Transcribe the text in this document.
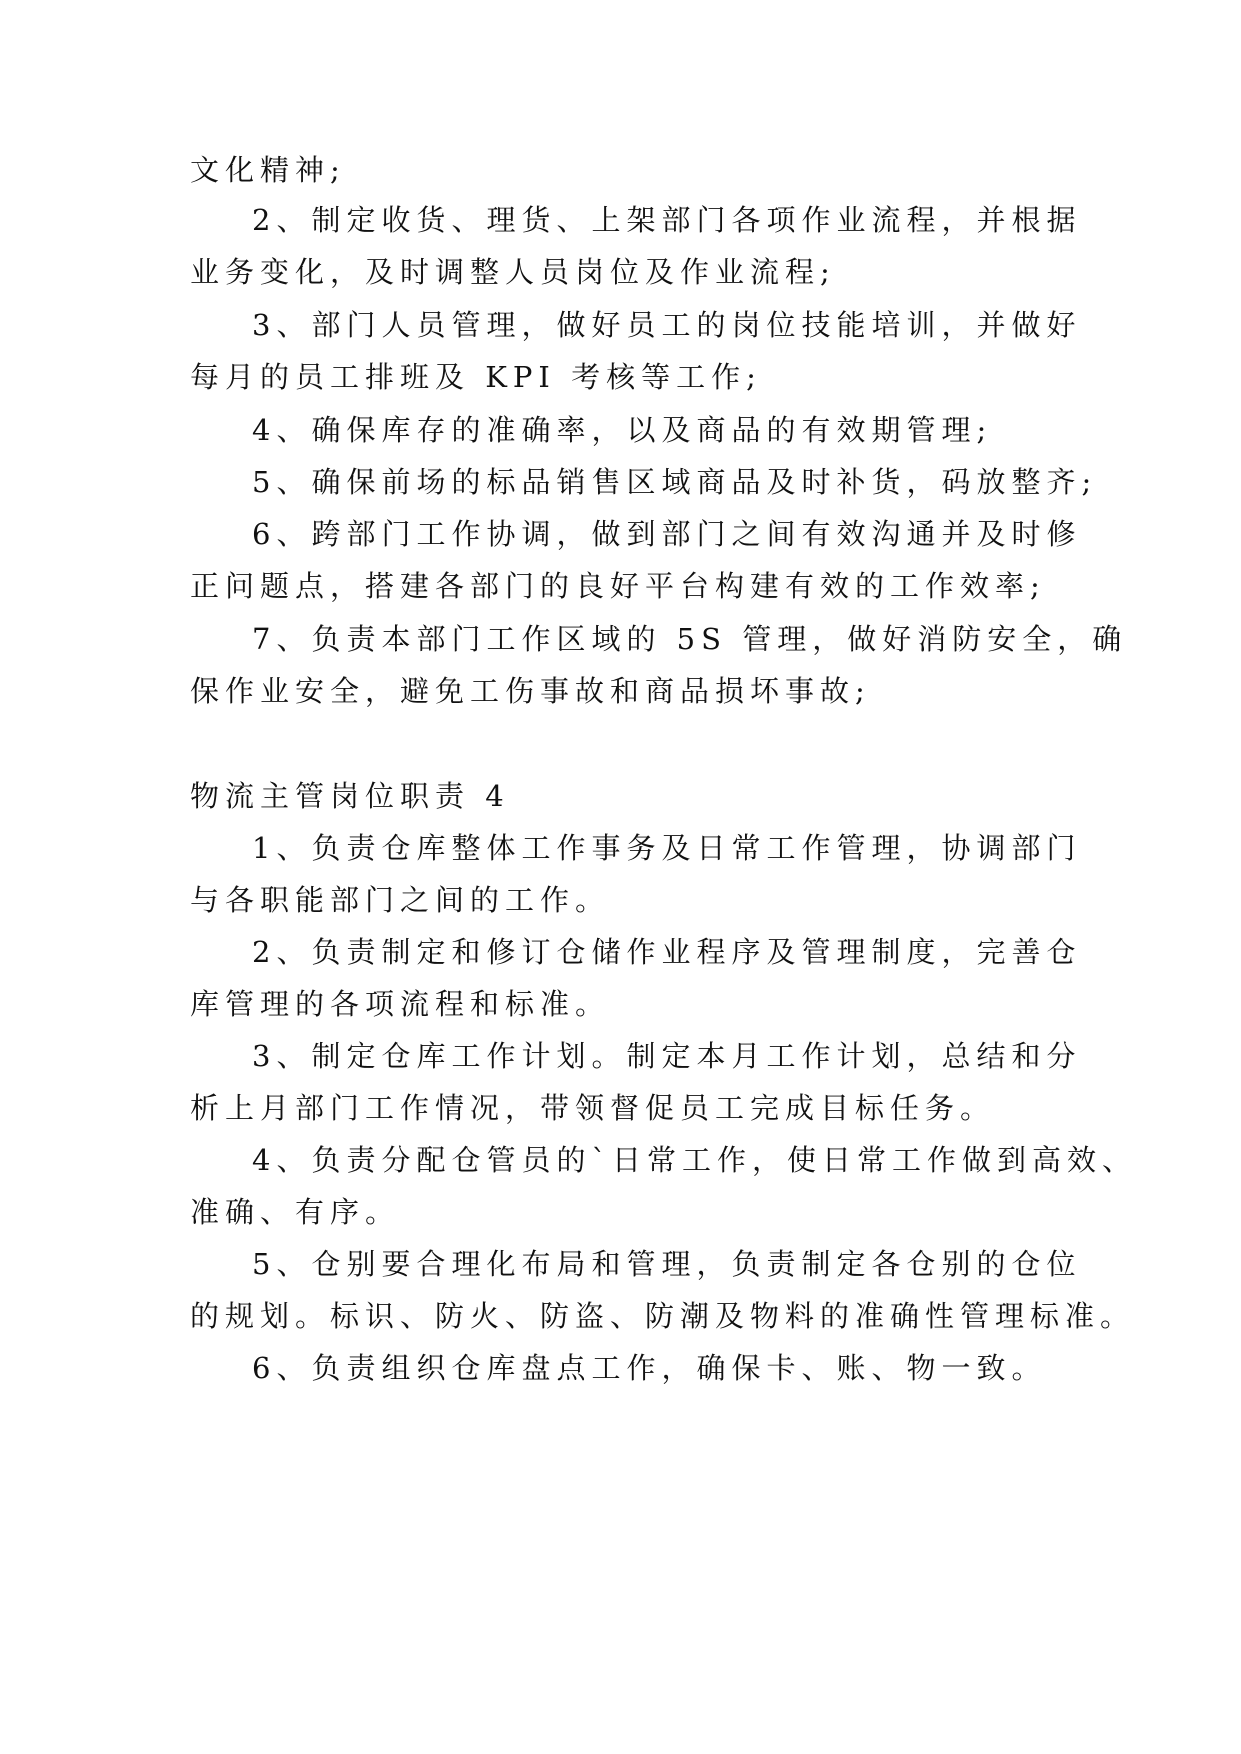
文化精神;
2、制定收货、理货、上架部门各项作业流程，并根据
业务变化，及时调整人员岗位及作业流程;
3、部门人员管理，做好员工的岗位技能培训，并做好
每月的员工排班及 KPI 考核等工作;
4、确保库存的准确率，以及商品的有效期管理;
5、确保前场的标品销售区域商品及时补货，码放整齐;
6、跨部门工作协调，做到部门之间有效沟通并及时修
正问题点，搭建各部门的良好平台构建有效的工作效率;
7、负责本部门工作区域的 5S 管理，做好消防安全，确
保作业安全，避免工伤事故和商品损坏事故;
物流主管岗位职责 4
1、负责仓库整体工作事务及日常工作管理，协调部门
与各职能部门之间的工作。
2、负责制定和修订仓储作业程序及管理制度，完善仓
库管理的各项流程和标准。
3、制定仓库工作计划。制定本月工作计划，总结和分
析上月部门工作情况，带领督促员工完成目标任务。
4、负责分配仓管员的`日常工作，使日常工作做到高效、
准确、有序。
5、仓别要合理化布局和管理，负责制定各仓别的仓位
的规划。标识、防火、防盗、防潮及物料的准确性管理标准。
6、负责组织仓库盘点工作，确保卡、账、物一致。
